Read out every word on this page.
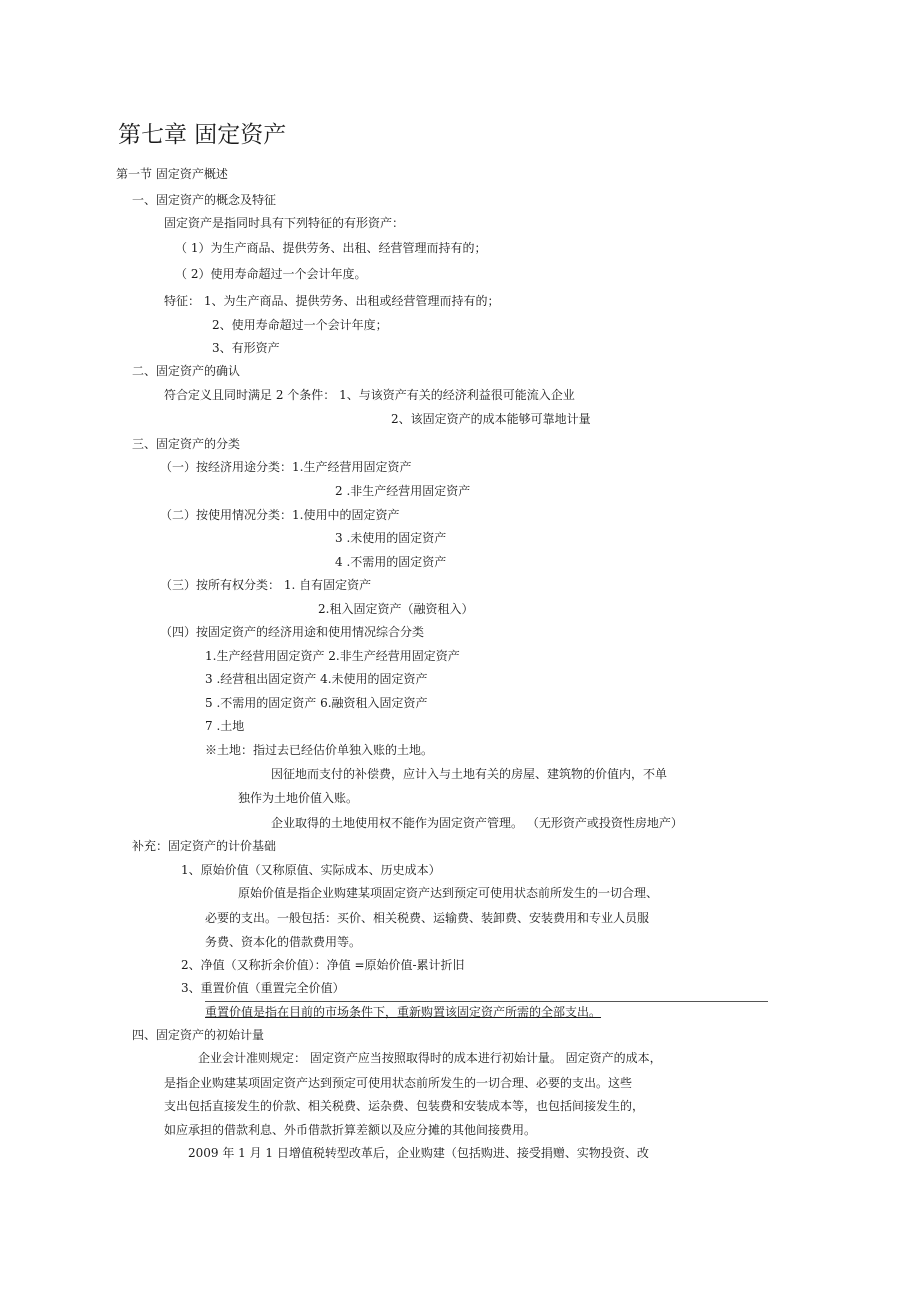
第七章 固定资产
第一节 固定资产概述
一、固定资产的概念及特征
固定资产是指同时具有下列特征的有形资产：
（ 1）为生产商品、提供劳务、出租、经营管理而持有的；
（ 2）使用寿命超过一个会计年度。
特征： 1、为生产商品、提供劳务、出租或经营管理而持有的；
2、使用寿命超过一个会计年度；
3、有形资产
二、固定资产的确认
符合定义且同时满足 2 个条件： 1、与该资产有关的经济利益很可能流入企业
2、该固定资产的成本能够可靠地计量
三、固定资产的分类
（一）按经济用途分类：1.生产经营用固定资产
2 .非生产经营用固定资产
（二）按使用情况分类：1.使用中的固定资产
3 .未使用的固定资产
4 .不需用的固定资产
（三）按所有权分类： 1. 自有固定资产
2.租入固定资产（融资租入）
（四）按固定资产的经济用途和使用情况综合分类
1.生产经营用固定资产 2.非生产经营用固定资产
3 .经营租出固定资产 4.未使用的固定资产
5 .不需用的固定资产 6.融资租入固定资产
7 .土地
※土地：指过去已经估价单独入账的土地。
因征地而支付的补偿费，应计入与土地有关的房屋、建筑物的价值内，不单
独作为土地价值入账。
企业取得的土地使用权不能作为固定资产管理。 （无形资产或投资性房地产）
补充：固定资产的计价基础
1、原始价值（又称原值、实际成本、历史成本）
原始价值是指企业购建某项固定资产达到预定可使用状态前所发生的一切合理、
必要的支出。一般包括：买价、相关税费、运输费、装卸费、安装费用和专业人员服
务费、资本化的借款费用等。
2、净值（又称折余价值）：净值 =原始价值-累计折旧
3、重置价值（重置完全价值）
重置价值是指在目前的市场条件下，重新购置该固定资产所需的全部支出。
四、固定资产的初始计量
企业会计准则规定： 固定资产应当按照取得时的成本进行初始计量。 固定资产的成本，
是指企业购建某项固定资产达到预定可使用状态前所发生的一切合理、必要的支出。这些
支出包括直接发生的价款、相关税费、运杂费、包装费和安装成本等，也包括间接发生的，
如应承担的借款利息、外币借款折算差额以及应分摊的其他间接费用。
2009 年 1 月 1 日增值税转型改革后，企业购建（包括购进、接受捐赠、实物投资、改
